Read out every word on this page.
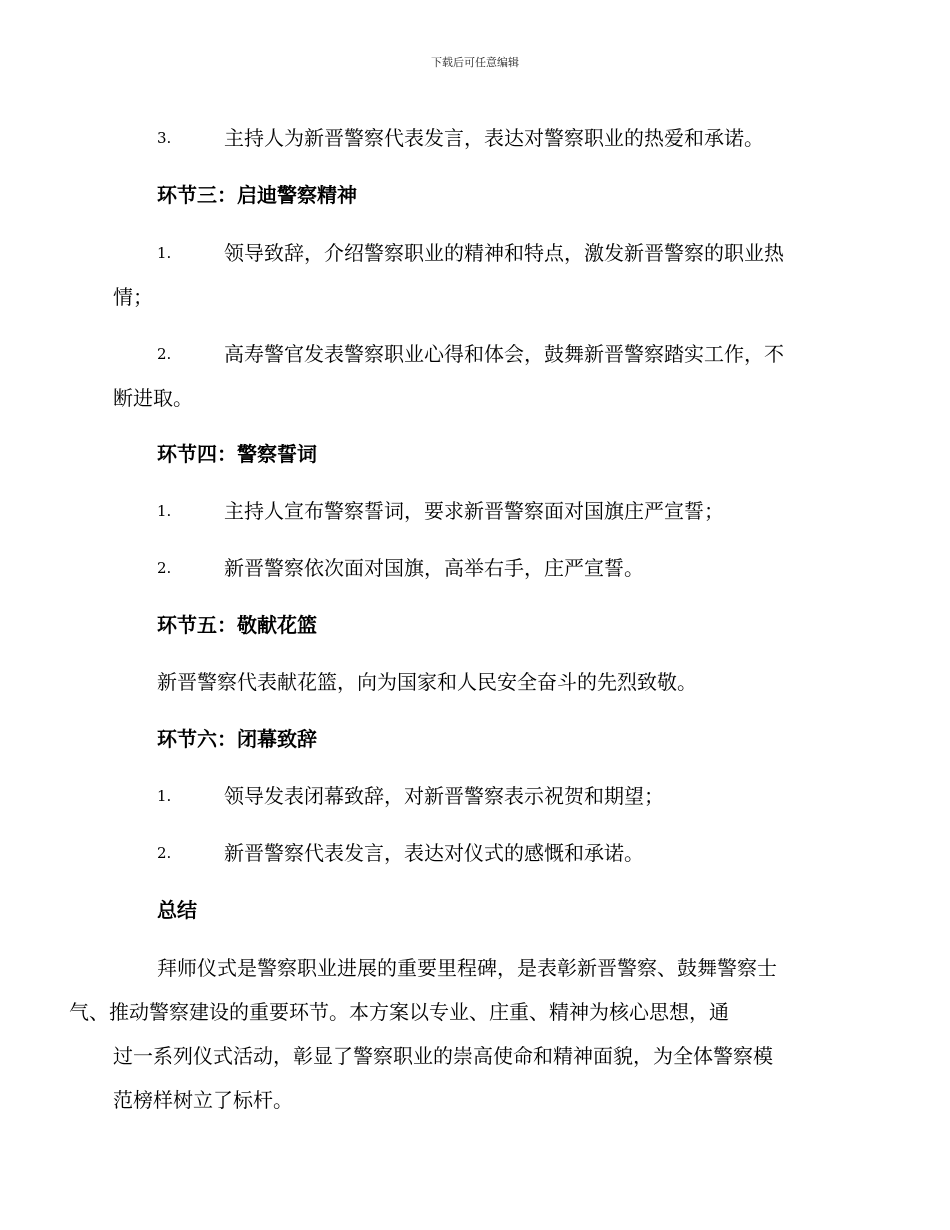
下载后可任意编辑
3.	主持人为新晋警察代表发言，表达对警察职业的热爱和承诺。
环节三：启迪警察精神
1.	领导致辞，介绍警察职业的精神和特点，激发新晋警察的职业热
情；
2.	高寿警官发表警察职业心得和体会，鼓舞新晋警察踏实工作，不
断进取。
环节四：警察誓词
1.	主持人宣布警察誓词，要求新晋警察面对国旗庄严宣誓；
2.	新晋警察依次面对国旗，高举右手，庄严宣誓。
环节五：敬献花篮
新晋警察代表献花篮，向为国家和人民安全奋斗的先烈致敬。
环节六：闭幕致辞
1.	领导发表闭幕致辞，对新晋警察表示祝贺和期望；
2.	新晋警察代表发言，表达对仪式的感慨和承诺。
总结
拜师仪式是警察职业进展的重要里程碑，是表彰新晋警察、鼓舞警察士
气、推动警察建设的重要环节。本方案以专业、庄重、精神为核心思想，通
过一系列仪式活动，彰显了警察职业的崇高使命和精神面貌，为全体警察模
范榜样树立了标杆。
